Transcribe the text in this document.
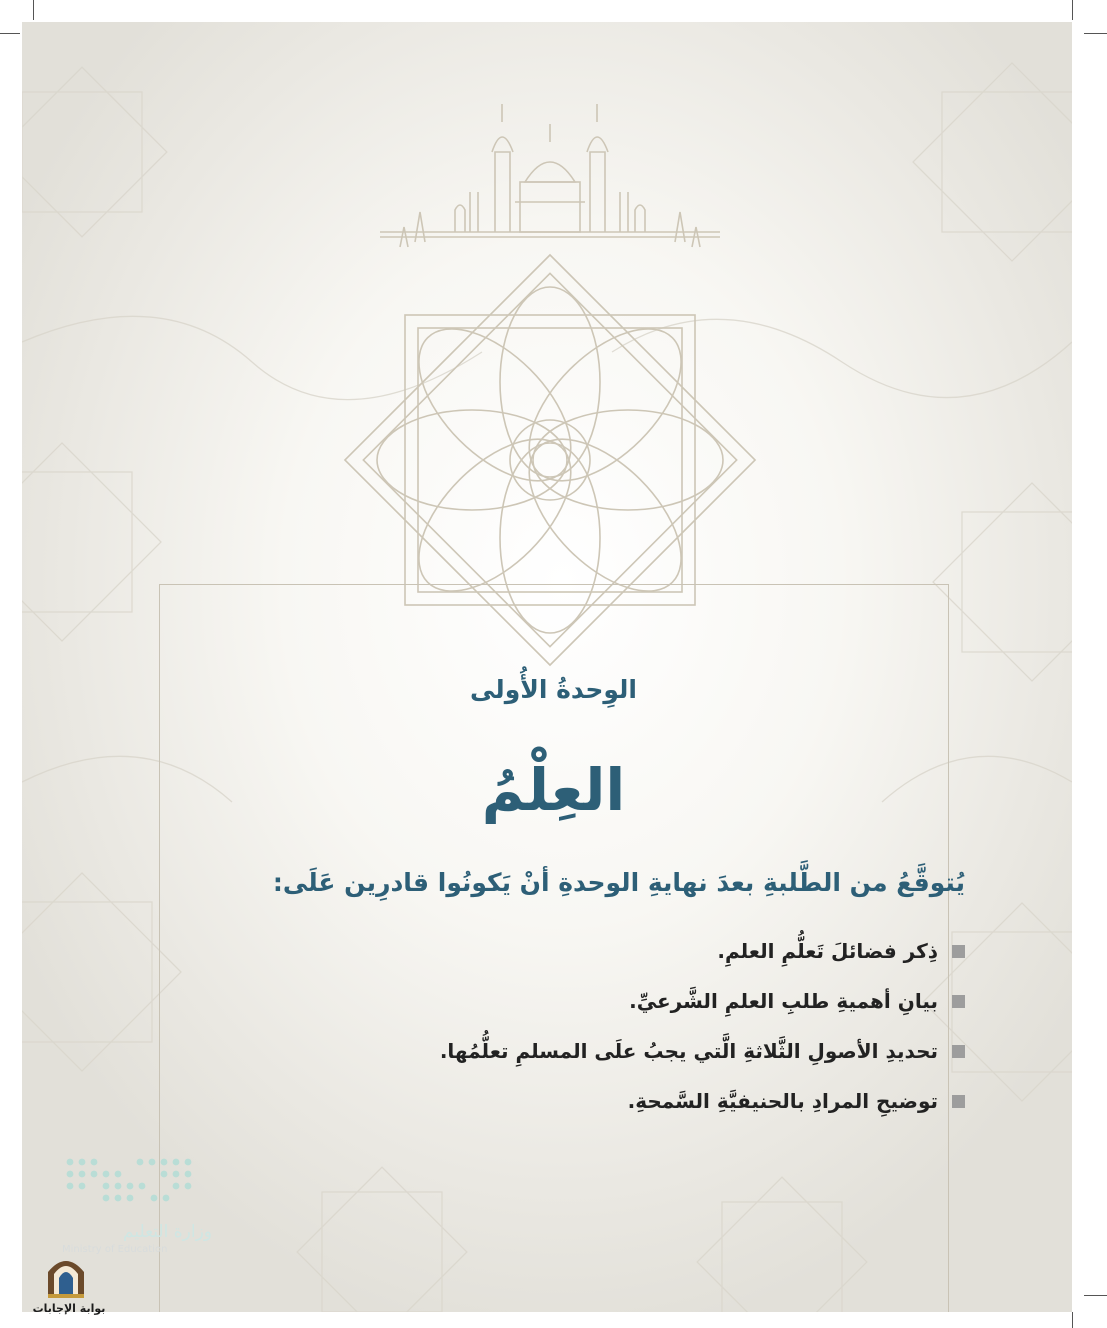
الوِحدةُ الأُولى
العِلْمُ
يُتوقَّعُ من الطَّلبةِ بعدَ نهايةِ الوحدةِ أنْ يَكونُوا قادرِين عَلَى:
ذِكر فضائلَ تَعلُّمِ العلمِ.
بيانِ أهميةِ طلبِ العلمِ الشَّرعيِّ.
تحديدِ الأصولِ الثَّلاثةِ الَّتي يجبُ علَى المسلمِ تعلُّمُها.
توضيحِ المرادِ بالحنيفيَّةِ السَّمحةِ.
وزارة التعليم
Ministry of Education
بوابة الإجابات
